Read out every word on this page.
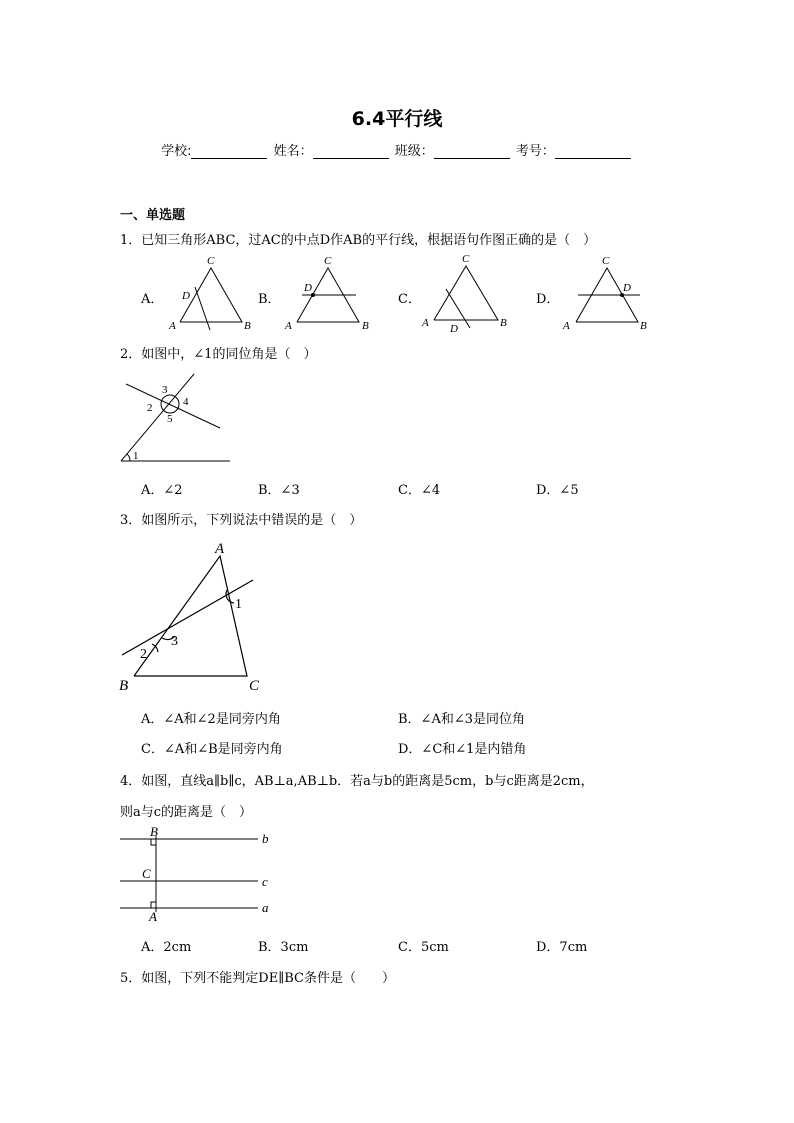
6.4平行线
学校:	姓名：	班级：	考号：
一、单选题
1．已知三角形ABC，过AC的中点D作AB的平行线，根据语句作图正确的是（　）
A．	B．	C．	D．
C
D
A	B
C
D
A	B
C
A D	B
C
D
A	B
1
2
3
4
5
A
1
3
2
B	C
B
C
A
b
c
a
2．如图中，∠1的同位角是（　）
A．∠2	B．∠3	C．∠4	D．∠5
3．如图所示，下列说法中错误的是（　）
A．∠A和∠2是同旁内角	B．∠A和∠3是同位角
C．∠A和∠B是同旁内角	D．∠C和∠1是内错角
4．如图，直线a∥b∥c，AB⊥a,AB⊥b．若a与b的距离是5cm，b与c距离是2cm，
则a与c的距离是（　）
A．2cm	B．3cm	C．5cm	D．7cm
5．如图，下列不能判定DE∥BC条件是（　　）
